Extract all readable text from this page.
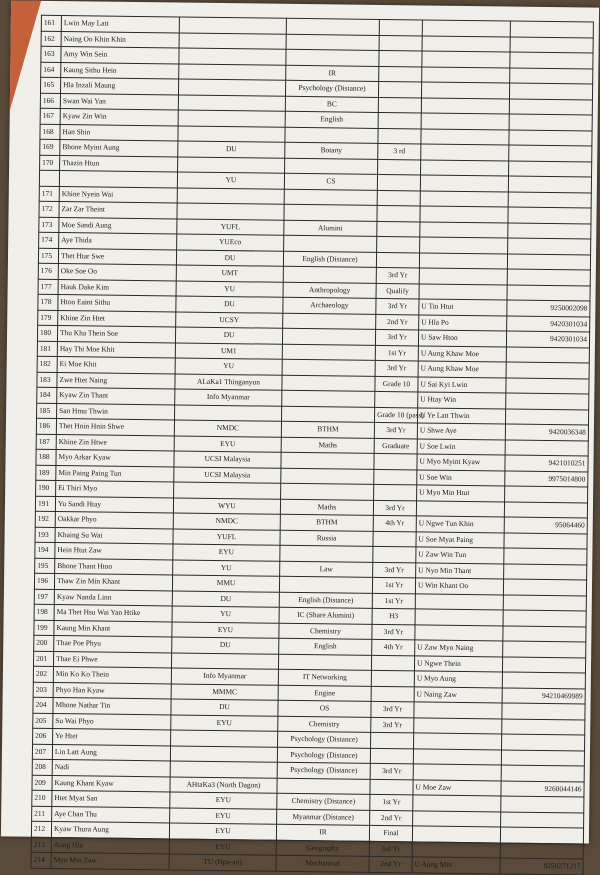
161	Lwin May Latt					
162	Naing Oo Khin Khin					
163	Amy Win Sein					
164	Kaung Sithu Hein		IR			
165	Hla Inzali Maung		Psychology (Distance)			
166	Swan Wai Yan		BC			
167	Kyaw Zin Win		English			
168	Han Shin					
169	Bhone Myint Aung	DU	Botany	3 rd		
170	Thazin Htun					
		YU	CS			
171	Khine Nyein Wai					
172	Zar Zar Theint					
173	Moe Sandi Aung	YUFL	Alumini			
174	Aye Thida	YUEco				
175	Thet Htar Swe	DU	English (Distance)			
176	Oke Soe Oo	UMT		3rd Yr		
177	Hauk Dake Kim	YU	Anthropology	Qualify		
178	Htoo Eaint Sithu	DU	Archaeology	3rd Yr	U Tin Htut	9250002098
179	Khine Zin Htet	UCSY		2nd Yr	U Hla Po	9420301034
180	Thu Kha Thein Soe	DU		3rd Yr	U Saw Htoo	9420301034
181	Hay Thi Moe Khit	UM1		1st Yr	U Aung Khaw Moe	
182	Ei Moe Khit	YU		3rd Yr	U Aung Khaw Moe	
183	Zwe Htet Naing	ALaKa1 Thinganyun		Grade 10	U Sai Kyi Lwin	
184	Kyaw Zin Thant	Info Myanmar			U Htay Win	
185	San Hmu Thwin			Grade 10 (pass)	U Ye Latt Thwin	
186	Thet Hnin Hnin Shwe	NMDC	BTHM	3rd Yr	U Shwe Aye	9420036348
187	Khine Zin Htwe	EYU	Maths	Graduate	U Soe Lwin	
188	Myo Arkar Kyaw	UCSI Malaysia			U Myo Myint Kyaw	9421010251
189	Min Paing Paing Tun	UCSI Malaysia			U Soe Win	9975014800
190	Ei Thiri Myo				U Myo Min Htut	
191	Yu Sandi Htay	WYU	Maths	3rd Yr		
192	Oakkar Phyo	NMDC	BTHM	4th Yr	U Ngwe Tun Khin	95064460
193	Khaing Su Wai	YUFL	Russia		U Soe Myat Paing	
194	Hein Htut Zaw	EYU			U Zaw Win Tun	
195	Bhone Thant Htoo	YU	Law	3rd Yr	U Nyo Min Thant	
196	Thaw Zin Min Khant	MMU		1st Yr	U Win Khant Oo	
197	Kyaw Nanda Linn	DU	English (Distance)	1st Yr		
198	Ma Thet Hsu Wai Yan Htike	YU	IC (Share Alumini)	H3		
199	Kaung Min Khant	EYU	Chemistry	3rd Yr		
200	Thae Poe Phyu	DU	English	4th Yr	U Zaw Myo Naing	
201	Thae Ei Phwe				U Ngwe Thein	
202	Min Ko Ko Thein	Info Myanmar	IT Networking		U Myo Aung	
203	Phyo Han Kyaw	MMMC	Engine		U Naing Zaw	94210469989
204	Mhone Nathar Tin	DU	OS	3rd Yr		
205	Su Wai Phyo	EYU	Chemistry	3rd Yr		
206	Ye Htet		Psychology (Distance)			
207	Lin Latt Aung		Psychology (Distance)			
208	Nadi		Psychology (Distance)	3rd Yr		
209	Kaung Khant Kyaw	AHtaKa3 (North Dagon)			U Moe Zaw	9260044146
210	Htet Myat San	EYU	Chemistry (Distance)	1st Yr		
211	Aye Chan Thu	EYU	Myanmar (Distance)	2nd Yr		
212	Kyaw Thura Aung	EYU	IR	Final		
213	Aung Hla	EYU	Geography	3rd Yr		
214	Myo Min Zaw	TU (Hpa-an)	Mechanical	2nd Yr	U Aung Min	9250271217
